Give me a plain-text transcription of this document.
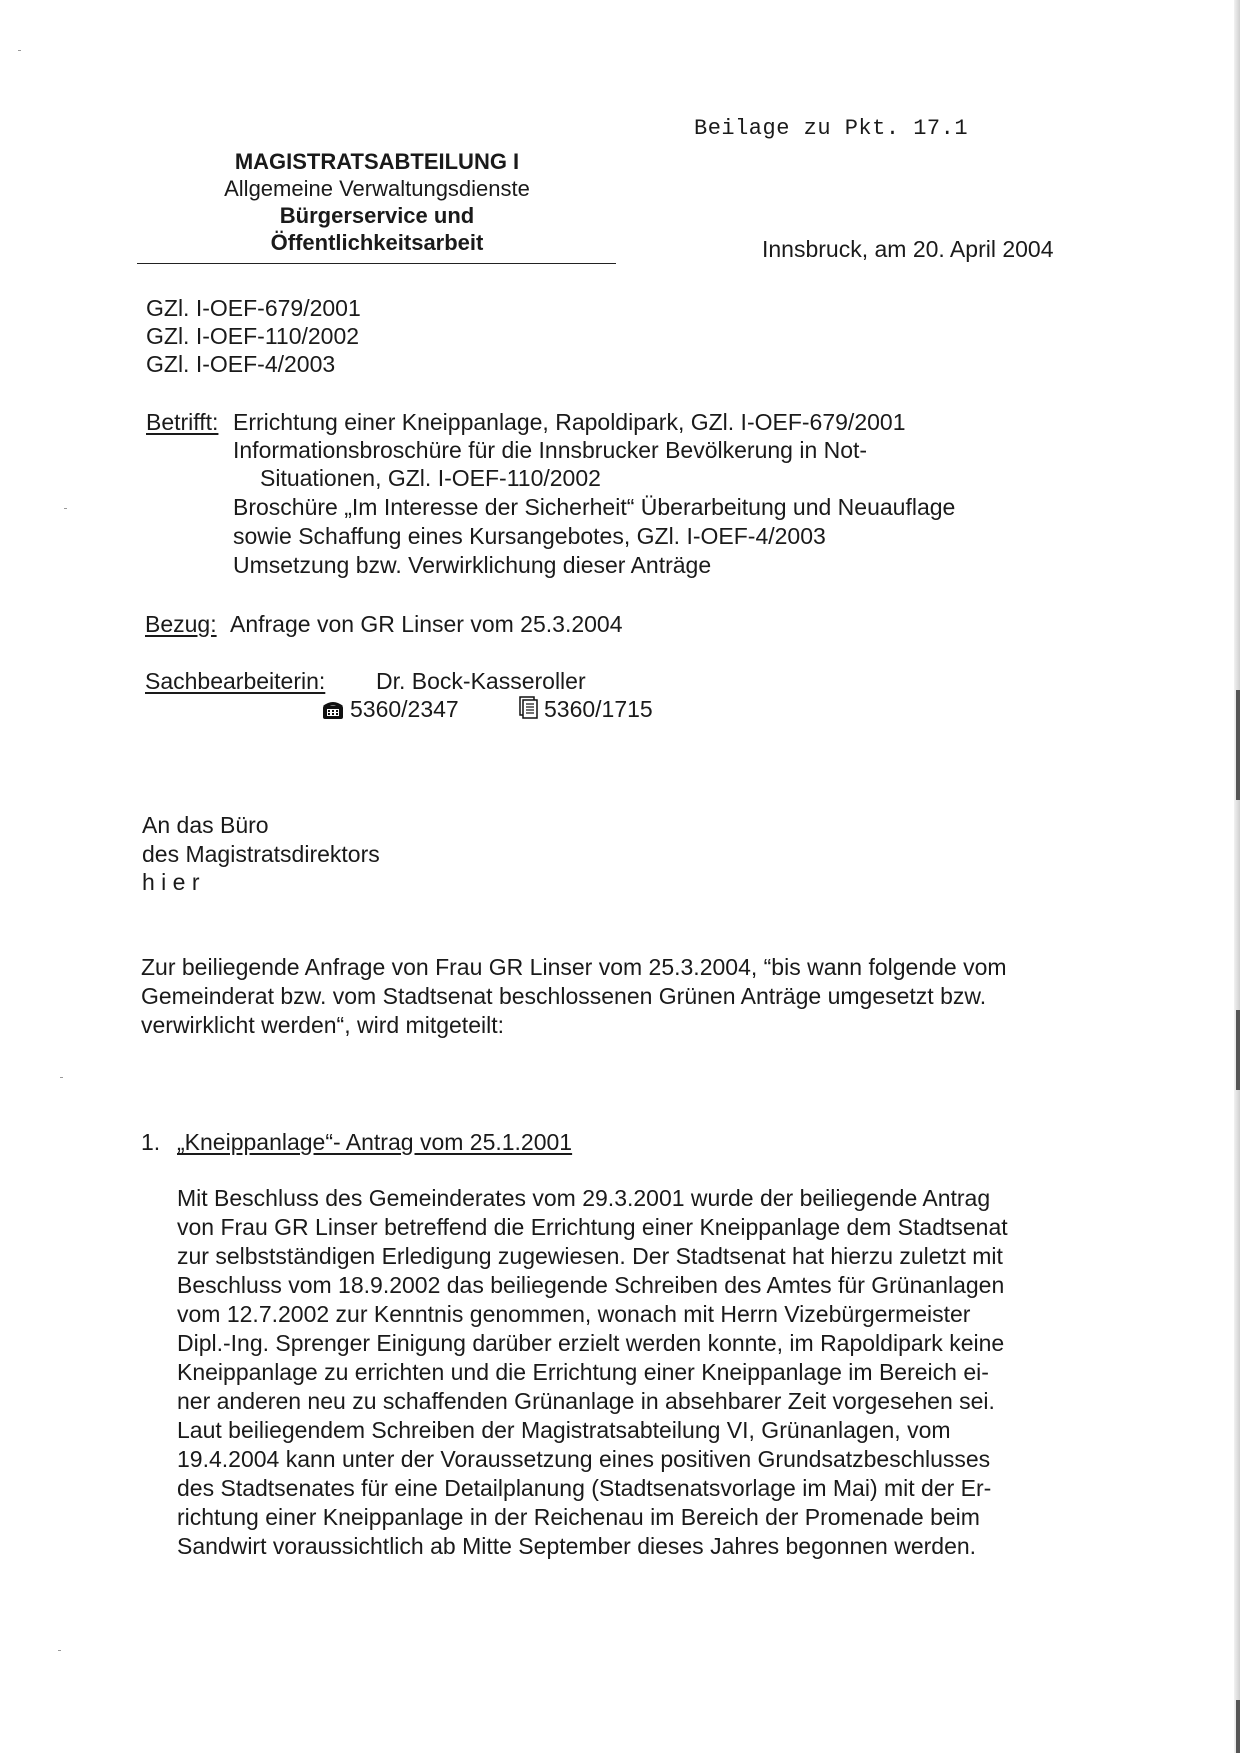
Beilage zu Pkt. 17.1
MAGISTRATSABTEILUNG I
Allgemeine Verwaltungsdienste
Bürgerservice und
Öffentlichkeitsarbeit	Innsbruck, am 20. April 2004
GZl. I-OEF-679/2001
GZl. I-OEF-110/2002
GZl. I-OEF-4/2003
Betrifft: Errichtung einer Kneippanlage, Rapoldipark, GZl. I-OEF-679/2001
Informationsbroschüre für die Innsbrucker Bevölkerung in Not-
Situationen, GZl. I-OEF-110/2002
Broschüre „Im Interesse der Sicherheit“ Überarbeitung und Neuauflage
sowie Schaffung eines Kursangebotes, GZl. I-OEF-4/2003
Umsetzung bzw. Verwirklichung dieser Anträge
Bezug: Anfrage von GR Linser vom 25.3.2004
Sachbearbeiterin: Dr. Bock-Kasseroller
5360/2347	5360/1715
An das Büro
des Magistratsdirektors
h i e r
Zur beiliegende Anfrage von Frau GR Linser vom 25.3.2004, “bis wann folgende vom
Gemeinderat bzw. vom Stadtsenat beschlossenen Grünen Anträge umgesetzt bzw.
verwirklicht werden“, wird mitgeteilt:
1. „Kneippanlage“- Antrag vom 25.1.2001
Mit Beschluss des Gemeinderates vom 29.3.2001 wurde der beiliegende Antrag
von Frau GR Linser betreffend die Errichtung einer Kneippanlage dem Stadtsenat
zur selbstständigen Erledigung zugewiesen. Der Stadtsenat hat hierzu zuletzt mit
Beschluss vom 18.9.2002 das beiliegende Schreiben des Amtes für Grünanlagen
vom 12.7.2002 zur Kenntnis genommen, wonach mit Herrn Vizebürgermeister
Dipl.-Ing. Sprenger Einigung darüber erzielt werden konnte, im Rapoldipark keine
Kneippanlage zu errichten und die Errichtung einer Kneippanlage im Bereich ei-
ner anderen neu zu schaffenden Grünanlage in absehbarer Zeit vorgesehen sei.
Laut beiliegendem Schreiben der Magistratsabteilung VI, Grünanlagen, vom
19.4.2004 kann unter der Voraussetzung eines positiven Grundsatzbeschlusses
des Stadtsenates für eine Detailplanung (Stadtsenatsvorlage im Mai) mit der Er-
richtung einer Kneippanlage in der Reichenau im Bereich der Promenade beim
Sandwirt voraussichtlich ab Mitte September dieses Jahres begonnen werden.
